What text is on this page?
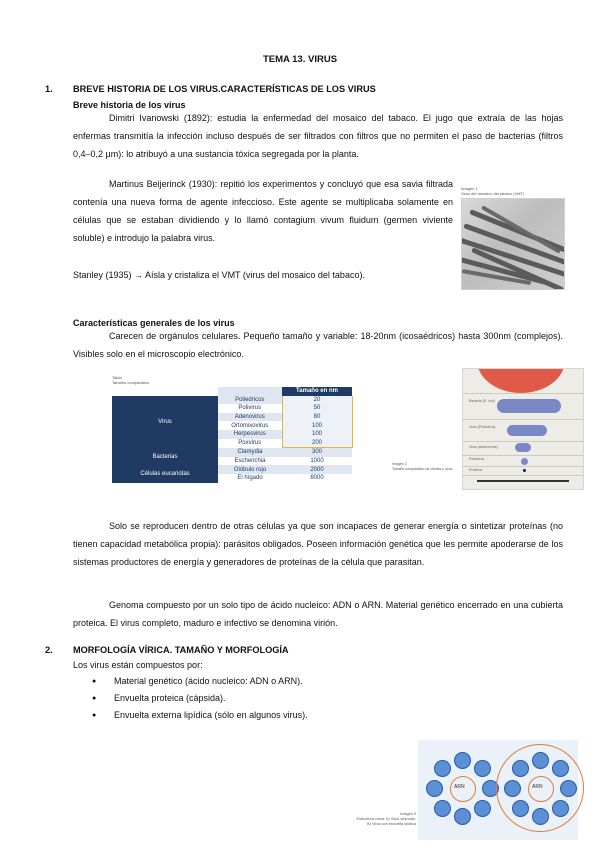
TEMA 13. VIRUS
1. BREVE HISTORIA DE LOS VIRUS.CARACTERÍSTICAS DE LOS VIRUS
Breve historia de los virus
Dimitri Ivanowski (1892): estudia la enfermedad del mosaico del tabaco. El jugo que extraía de las hojas enfermas transmitía la infección incluso después de ser filtrados con filtros que no permiten el paso de bacterias (filtros 0,4–0,2 µm): lo atribuyó a una sustancia tóxica segregada por la planta.
Martinus Beijerinck (1930): repitió los experimentos y concluyó que esa savia filtrada contenía una nueva forma de agente infeccioso. Este agente se multiplicaba solamente en células que se estaban dividiendo y lo llamó contagium vivum fluidum (germen viviente soluble) e introdujo la palabra virus.
Imagen 1
Virus del mosaico del tabaco (VMT)
Stanley (1935) → Aísla y cristaliza el VMT (virus del mosaico del tabaco).
Características generales de los virus
Carecen de orgánulos celulares. Pequeño tamaño y variable: 18-20nm (icosaédricos) hasta 300nm (complejos). Visibles solo en el microscopio electrónico.
Tabla
Tamaño comparativo
		Tamaño en nm
Virus	Poliedricos	20
	Polivirus	50
	Adenovirus	80
	Ortomixovirus	100
	Herpesvirus	100
	Poxvirus	200
Bacterias	Clamydia	300
	Escherichia	1000
Células eucariotas	Glóbulo rojo	2000
	El hígado	6000
Imagen 2
Tamaño comparativo de células y virus
Bacteria (E. coli)
Virus (Poliovirus)
Virus (Adenovirus)
Poliovirus
Proteína
Solo se reproducen dentro de otras células ya que son incapaces de generar energía o sintetizar proteínas (no tienen capacidad metabólica propia): parásitos obligados. Poseen información genética que les permite apoderarse de los sistemas productores de energía y generadores de proteínas de la célula que parasitan.
Genoma compuesto por un solo tipo de ácido nucleico: ADN o ARN. Material genético encerrado en una cubierta proteica. El virus completo, maduro e infectivo se denomina virión.
2. MORFOLOGÍA VÍRICA. TAMAÑO Y MORFOLOGÍA
Los virus están compuestos por:
● Material genético (ácido nucleico: ADN o ARN).
● Envuelta proteica (cápsida).
● Envuelta externa lipídica (sólo en algunos virus).
Imagen 3
Estructura vírica: A) Virus desnudo,
B) Virus con envuelta lipídica
ARN	ARN
